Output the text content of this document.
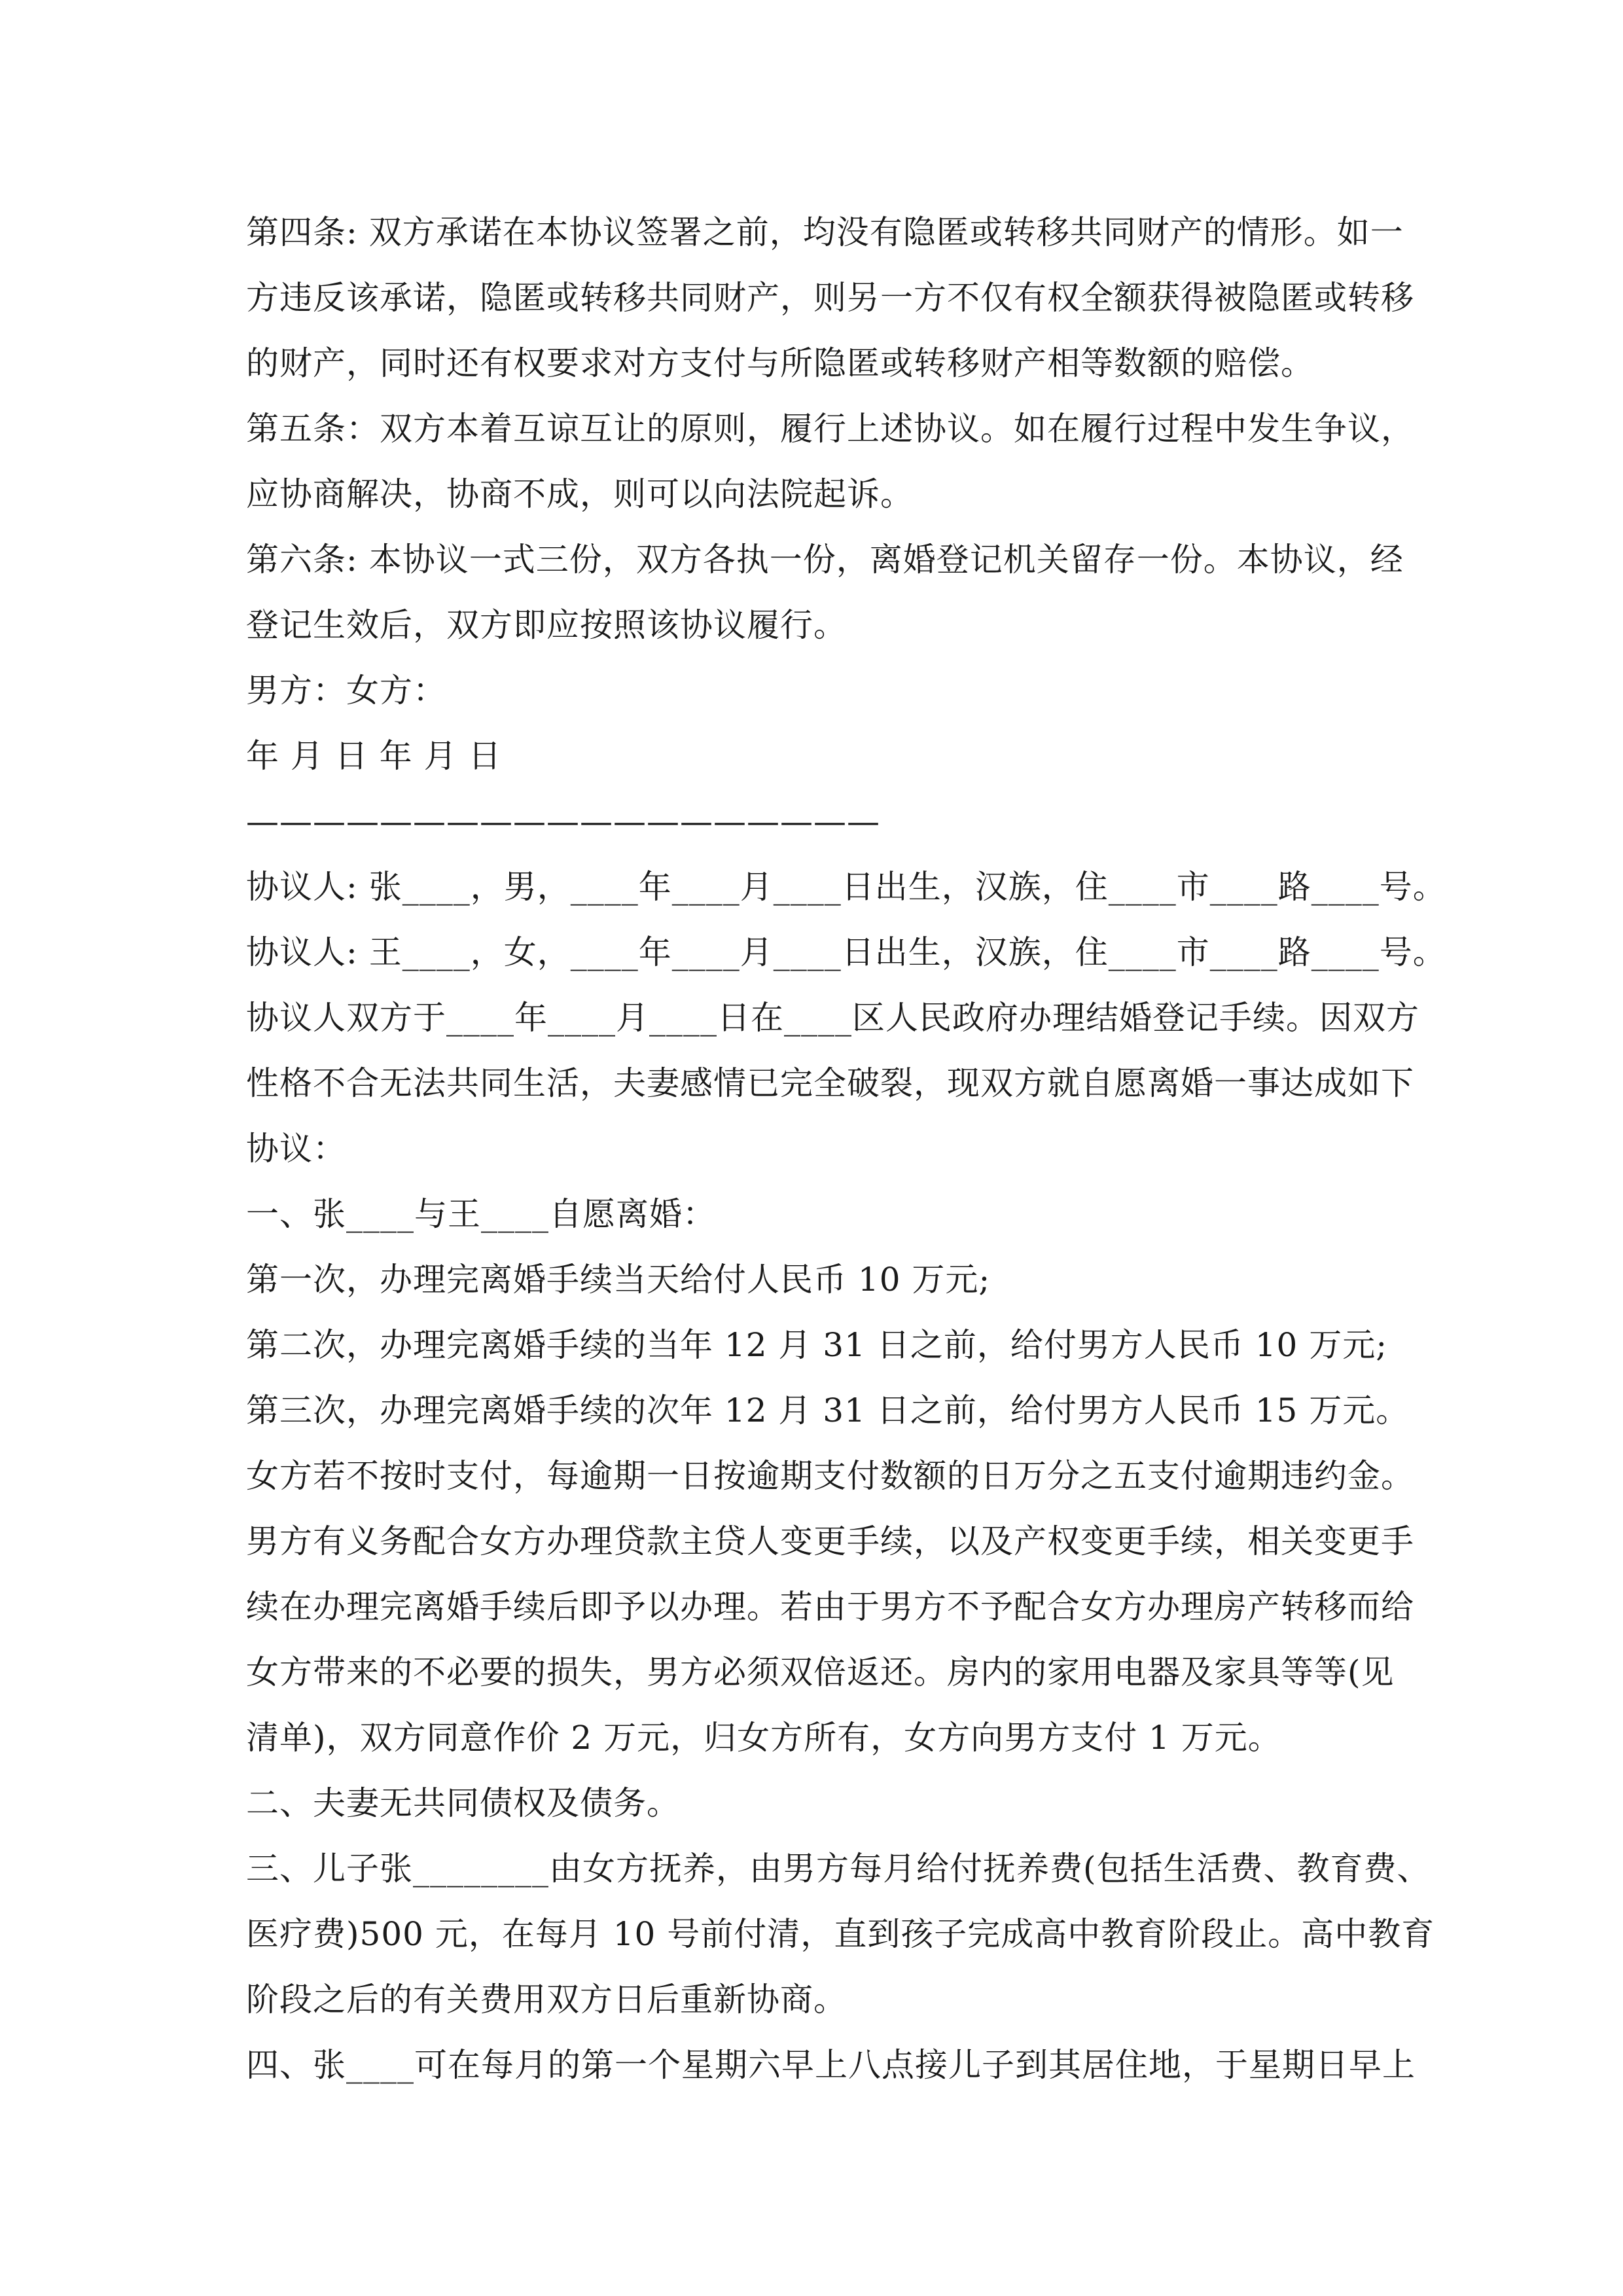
第四条: 双方承诺在本协议签署之前，均没有隐匿或转移共同财产的情形。如一
方违反该承诺，隐匿或转移共同财产，则另一方不仅有权全额获得被隐匿或转移
的财产，同时还有权要求对方支付与所隐匿或转移财产相等数额的赔偿。
第五条：双方本着互谅互让的原则，履行上述协议。如在履行过程中发生争议，
应协商解决，协商不成，则可以向法院起诉。
第六条: 本协议一式三份，双方各执一份，离婚登记机关留存一份。本协议，经
登记生效后，双方即应按照该协议履行。
男方：女方：
年 月 日 年 月 日
———————————————————
协议人: 张____，男，____年____月____日出生，汉族，住____市____路____号。
协议人: 王____，女，____年____月____日出生，汉族，住____市____路____号。
协议人双方于____年____月____日在____区人民政府办理结婚登记手续。因双方
性格不合无法共同生活，夫妻感情已完全破裂，现双方就自愿离婚一事达成如下
协议：
一、张____与王____自愿离婚：
第一次，办理完离婚手续当天给付人民币 10 万元;
第二次，办理完离婚手续的当年 12 月 31 日之前，给付男方人民币 10 万元;
第三次，办理完离婚手续的次年 12 月 31 日之前，给付男方人民币 15 万元。
女方若不按时支付，每逾期一日按逾期支付数额的日万分之五支付逾期违约金。
男方有义务配合女方办理贷款主贷人变更手续，以及产权变更手续，相关变更手
续在办理完离婚手续后即予以办理。若由于男方不予配合女方办理房产转移而给
女方带来的不必要的损失，男方必须双倍返还。房内的家用电器及家具等等(见
清单)，双方同意作价 2 万元，归女方所有，女方向男方支付 1 万元。
二、夫妻无共同债权及债务。
三、儿子张________由女方抚养，由男方每月给付抚养费(包括生活费、教育费、
医疗费)500 元，在每月 10 号前付清，直到孩子完成高中教育阶段止。高中教育
阶段之后的有关费用双方日后重新协商。
四、张____可在每月的第一个星期六早上八点接儿子到其居住地，于星期日早上
